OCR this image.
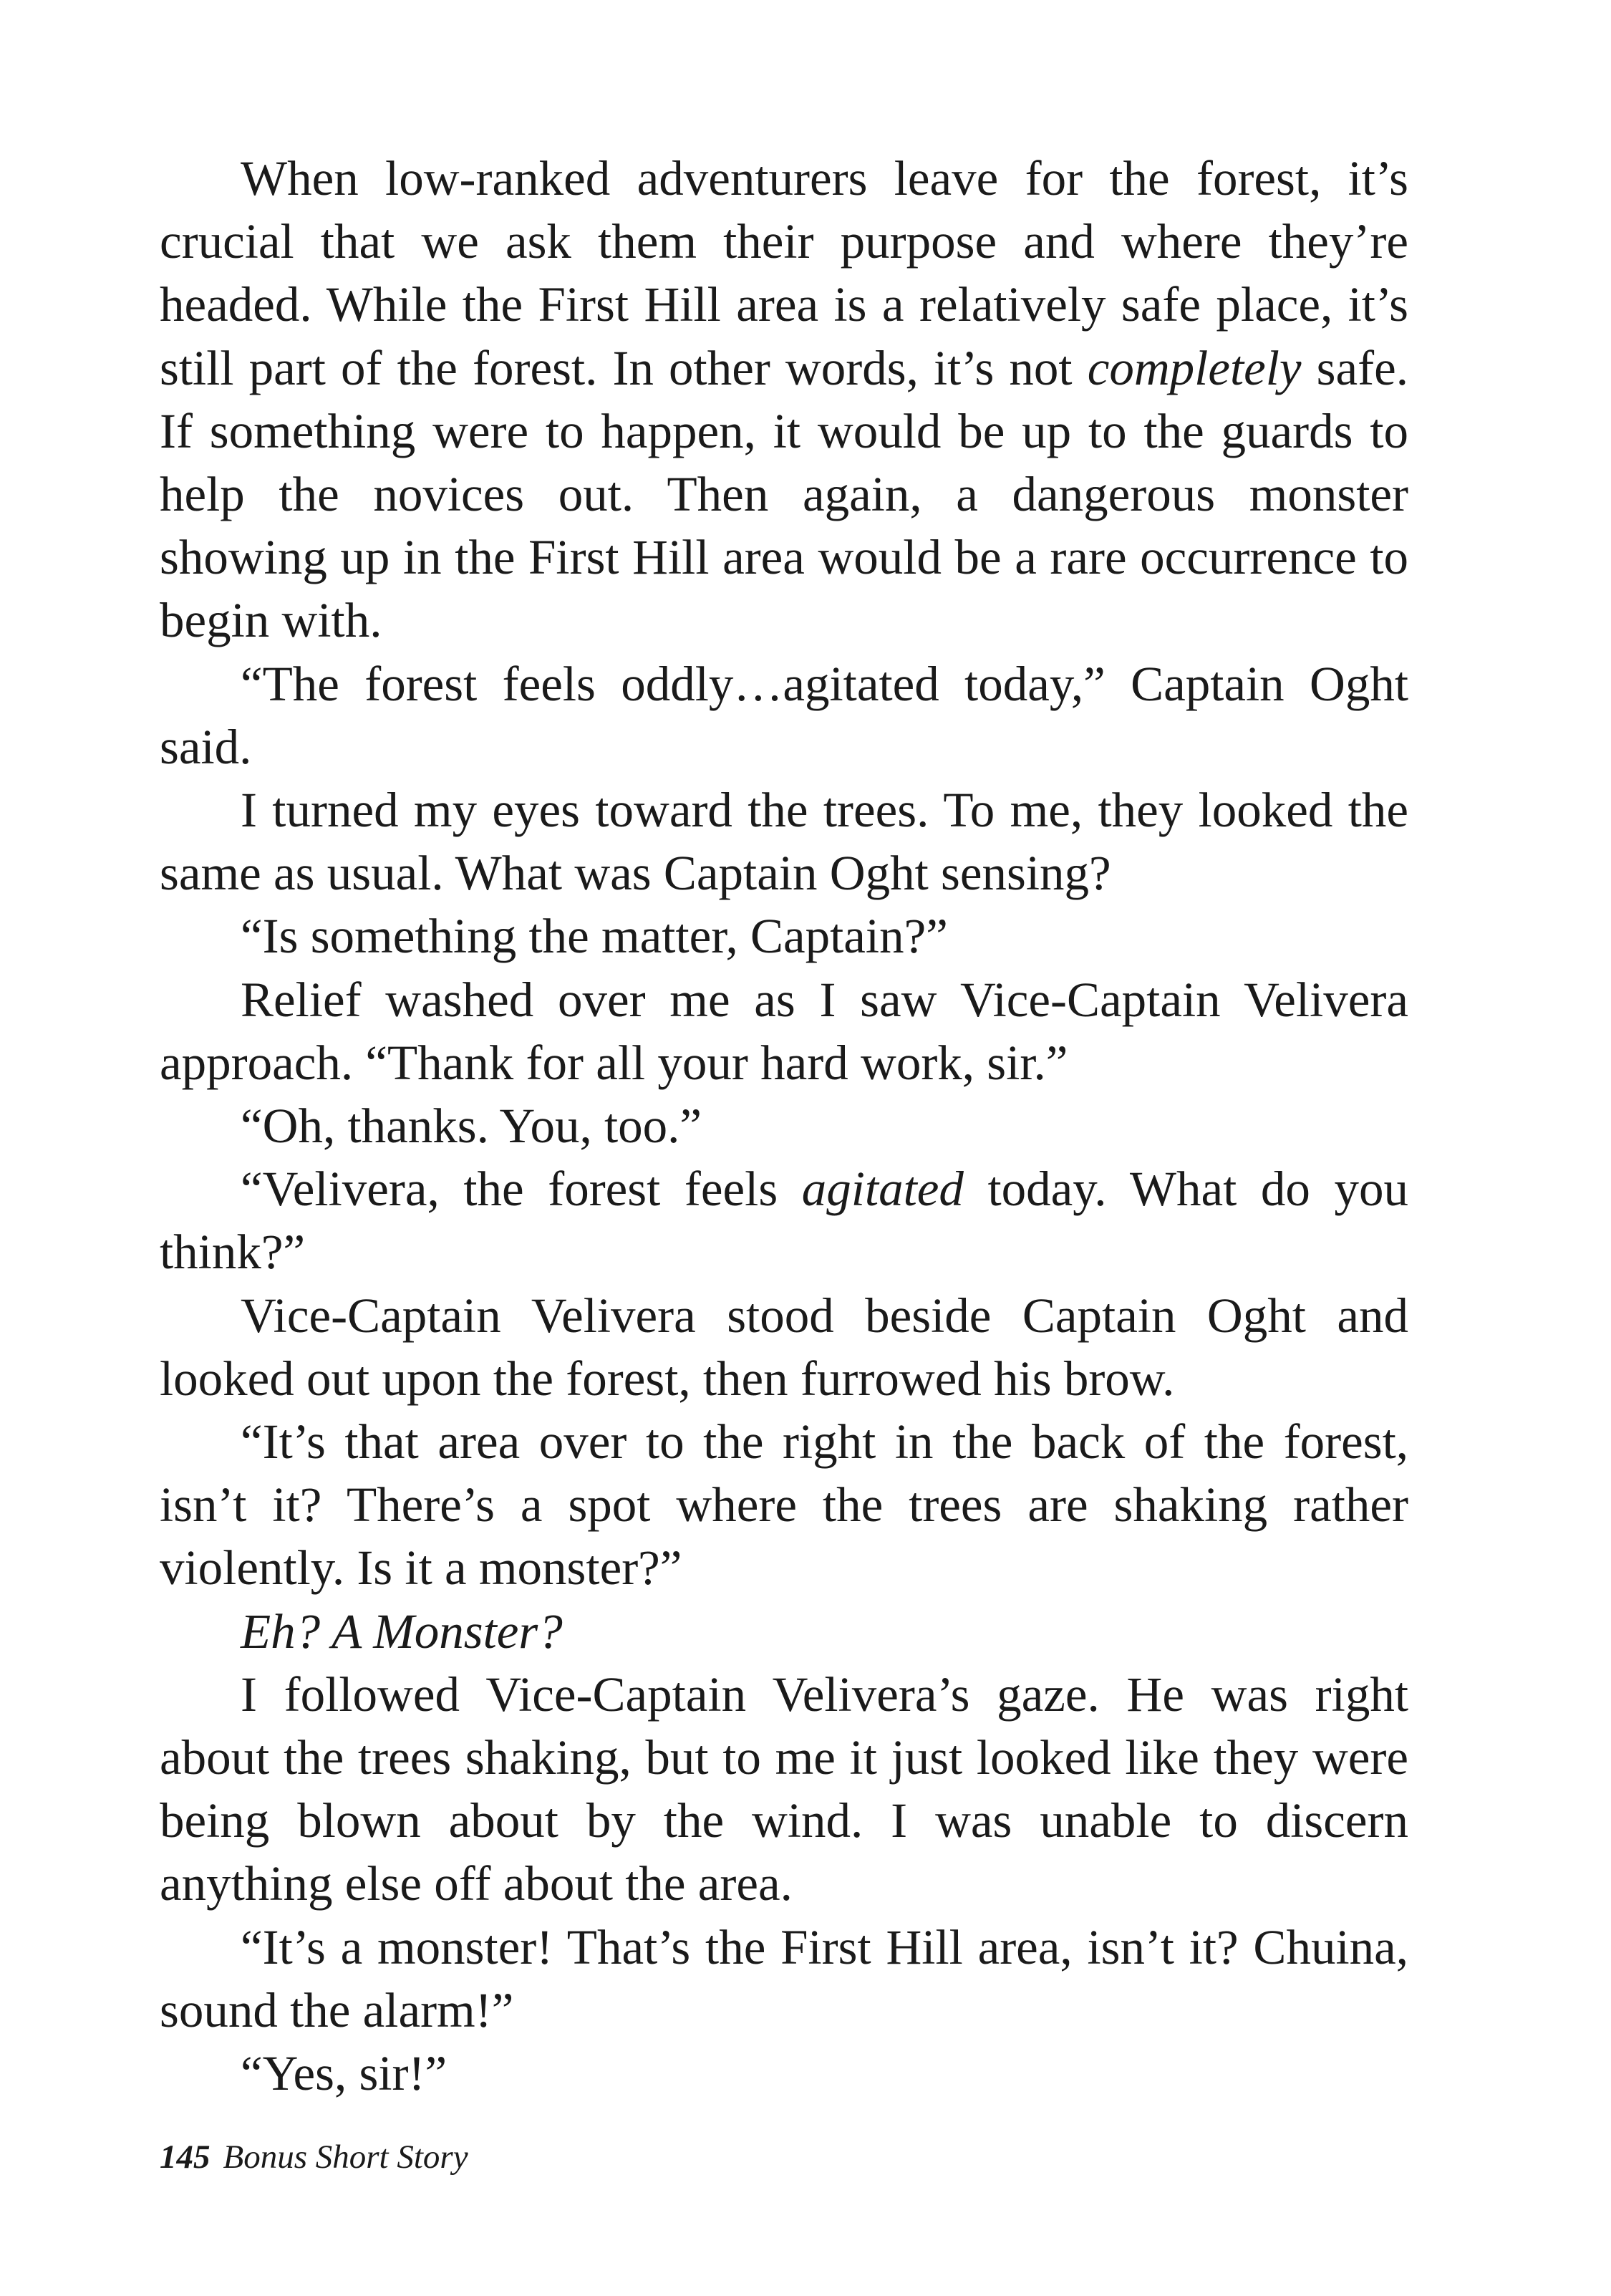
When low-ranked adventurers leave for the forest, it’s crucial that we ask them their purpose and where they’re headed. While the First Hill area is a relatively safe place, it’s still part of the forest. In other words, it’s not completely safe. If something were to happen, it would be up to the guards to help the novices out. Then again, a dangerous monster showing up in the First Hill area would be a rare occurrence to begin with.

“The forest feels oddly…agitated today,” Captain Oght said.

I turned my eyes toward the trees. To me, they looked the same as usual. What was Captain Oght sensing?

“Is something the matter, Captain?”

Relief washed over me as I saw Vice-Captain Velivera approach. “Thank for all your hard work, sir.”

“Oh, thanks. You, too.”

“Velivera, the forest feels agitated today. What do you think?”

Vice-Captain Velivera stood beside Captain Oght and looked out upon the forest, then furrowed his brow.

“It’s that area over to the right in the back of the forest, isn’t it? There’s a spot where the trees are shaking rather violently. Is it a monster?”

Eh? A Monster?

I followed Vice-Captain Velivera’s gaze. He was right about the trees shaking, but to me it just looked like they were being blown about by the wind. I was unable to discern anything else off about the area.

“It’s a monster! That’s the First Hill area, isn’t it? Chuina, sound the alarm!”

“Yes, sir!”

145 Bonus Short Story
